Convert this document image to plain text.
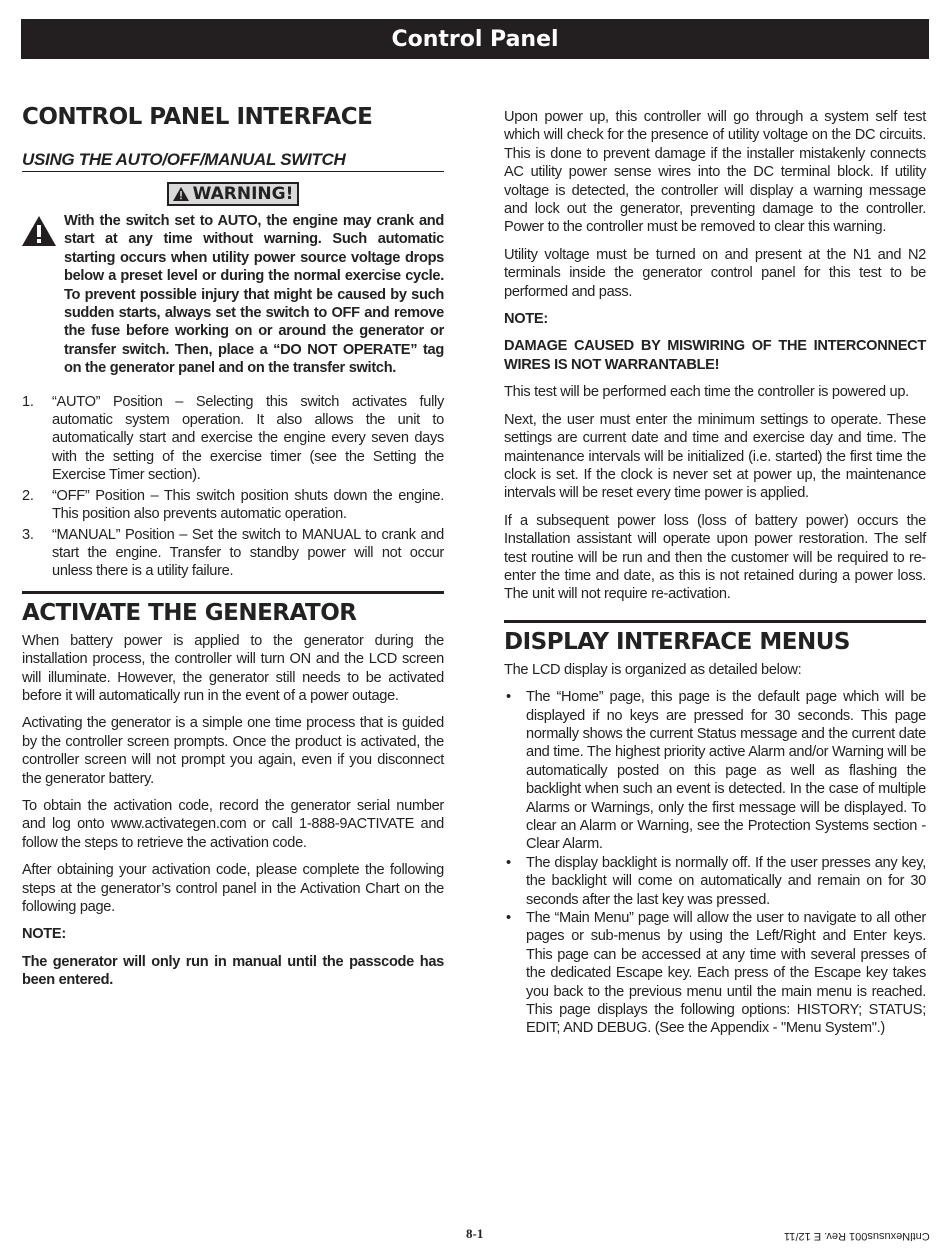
Control Panel
CONTROL PANEL INTERFACE
USING THE AUTO/OFF/MANUAL SWITCH
WARNING!

With the switch set to AUTO, the engine may crank and start at any time without warning. Such automatic starting occurs when utility power source voltage drops below a preset level or during the normal exercise cycle. To prevent possible injury that might be caused by such sudden starts, always set the switch to OFF and remove the fuse before working on or around the generator or transfer switch. Then, place a “DO NOT OPERATE” tag on the generator panel and on the transfer switch.

1.	“AUTO” Position – Selecting this switch activates fully automatic system operation. It also allows the unit to automatically start and exercise the engine every seven days with the setting of the exercise timer (see the Setting the Exercise Timer section).
2.	“OFF” Position – This switch position shuts down the engine. This position also prevents automatic operation.
3.	“MANUAL” Position – Set the switch to MANUAL to crank and start the engine. Transfer to standby power will not occur unless there is a utility failure.
ACTIVATE THE GENERATOR

When battery power is applied to the generator during the installation process, the controller will turn ON and the LCD screen will illuminate. However, the generator still needs to be activated before it will automatically run in the event of a power outage.

Activating the generator is a simple one time process that is guided by the controller screen prompts. Once the product is activated, the controller screen will not prompt you again, even if you disconnect the generator battery.

To obtain the activation code, record the generator serial number and log onto www.activategen.com or call 1-888-9ACTIVATE and follow the steps to retrieve the activation code.

After obtaining your activation code, please complete the following steps at the generator’s control panel in the Activation Chart on the following page.

NOTE:

The generator will only run in manual until the passcode has been entered.

Upon power up, this controller will go through a system self test which will check for the presence of utility voltage on the DC circuits. This is done to prevent damage if the installer mistakenly connects AC utility power sense wires into the DC terminal block. If utility voltage is detected, the controller will display a warning message and lock out the generator, preventing damage to the controller. Power to the controller must be removed to clear this warning.

Utility voltage must be turned on and present at the N1 and N2 terminals inside the generator control panel for this test to be performed and pass.

NOTE:

DAMAGE CAUSED BY MISWIRING OF THE INTERCONNECT WIRES IS NOT WARRANTABLE!

This test will be performed each time the controller is powered up.

Next, the user must enter the minimum settings to operate. These settings are current date and time and exercise day and time. The maintenance intervals will be initialized (i.e. started) the first time the clock is set. If the clock is never set at power up, the maintenance intervals will be reset every time power is applied.

If a subsequent power loss (loss of battery power) occurs the Installation assistant will operate upon power restoration. The self test routine will be run and then the customer will be required to re-enter the time and date, as this is not retained during a power loss. The unit will not require re-activation.

DISPLAY INTERFACE MENUS

The LCD display is organized as detailed below:

•	The “Home” page, this page is the default page which will be displayed if no keys are pressed for 30 seconds. This page normally shows the current Status message and the current date and time. The highest priority active Alarm and/or Warning will be automatically posted on this page as well as flashing the backlight when such an event is detected. In the case of multiple Alarms or Warnings, only the first message will be displayed. To clear an Alarm or Warning, see the Protection Systems section - Clear Alarm.
•	The display backlight is normally off. If the user presses any key, the backlight will come on automatically and remain on for 30 seconds after the last key was pressed.
•	The “Main Menu” page will allow the user to navigate to all other pages or sub-menus by using the Left/Right and Enter keys. This page can be accessed at any time with several presses of the dedicated Escape key. Each press of the Escape key takes you back to the previous menu until the main menu is reached. This page displays the following options: HISTORY; STATUS; EDIT; AND DEBUG. (See the Appendix - "Menu System".)
8-1	CntlNexusus001 Rev. E 12/11
